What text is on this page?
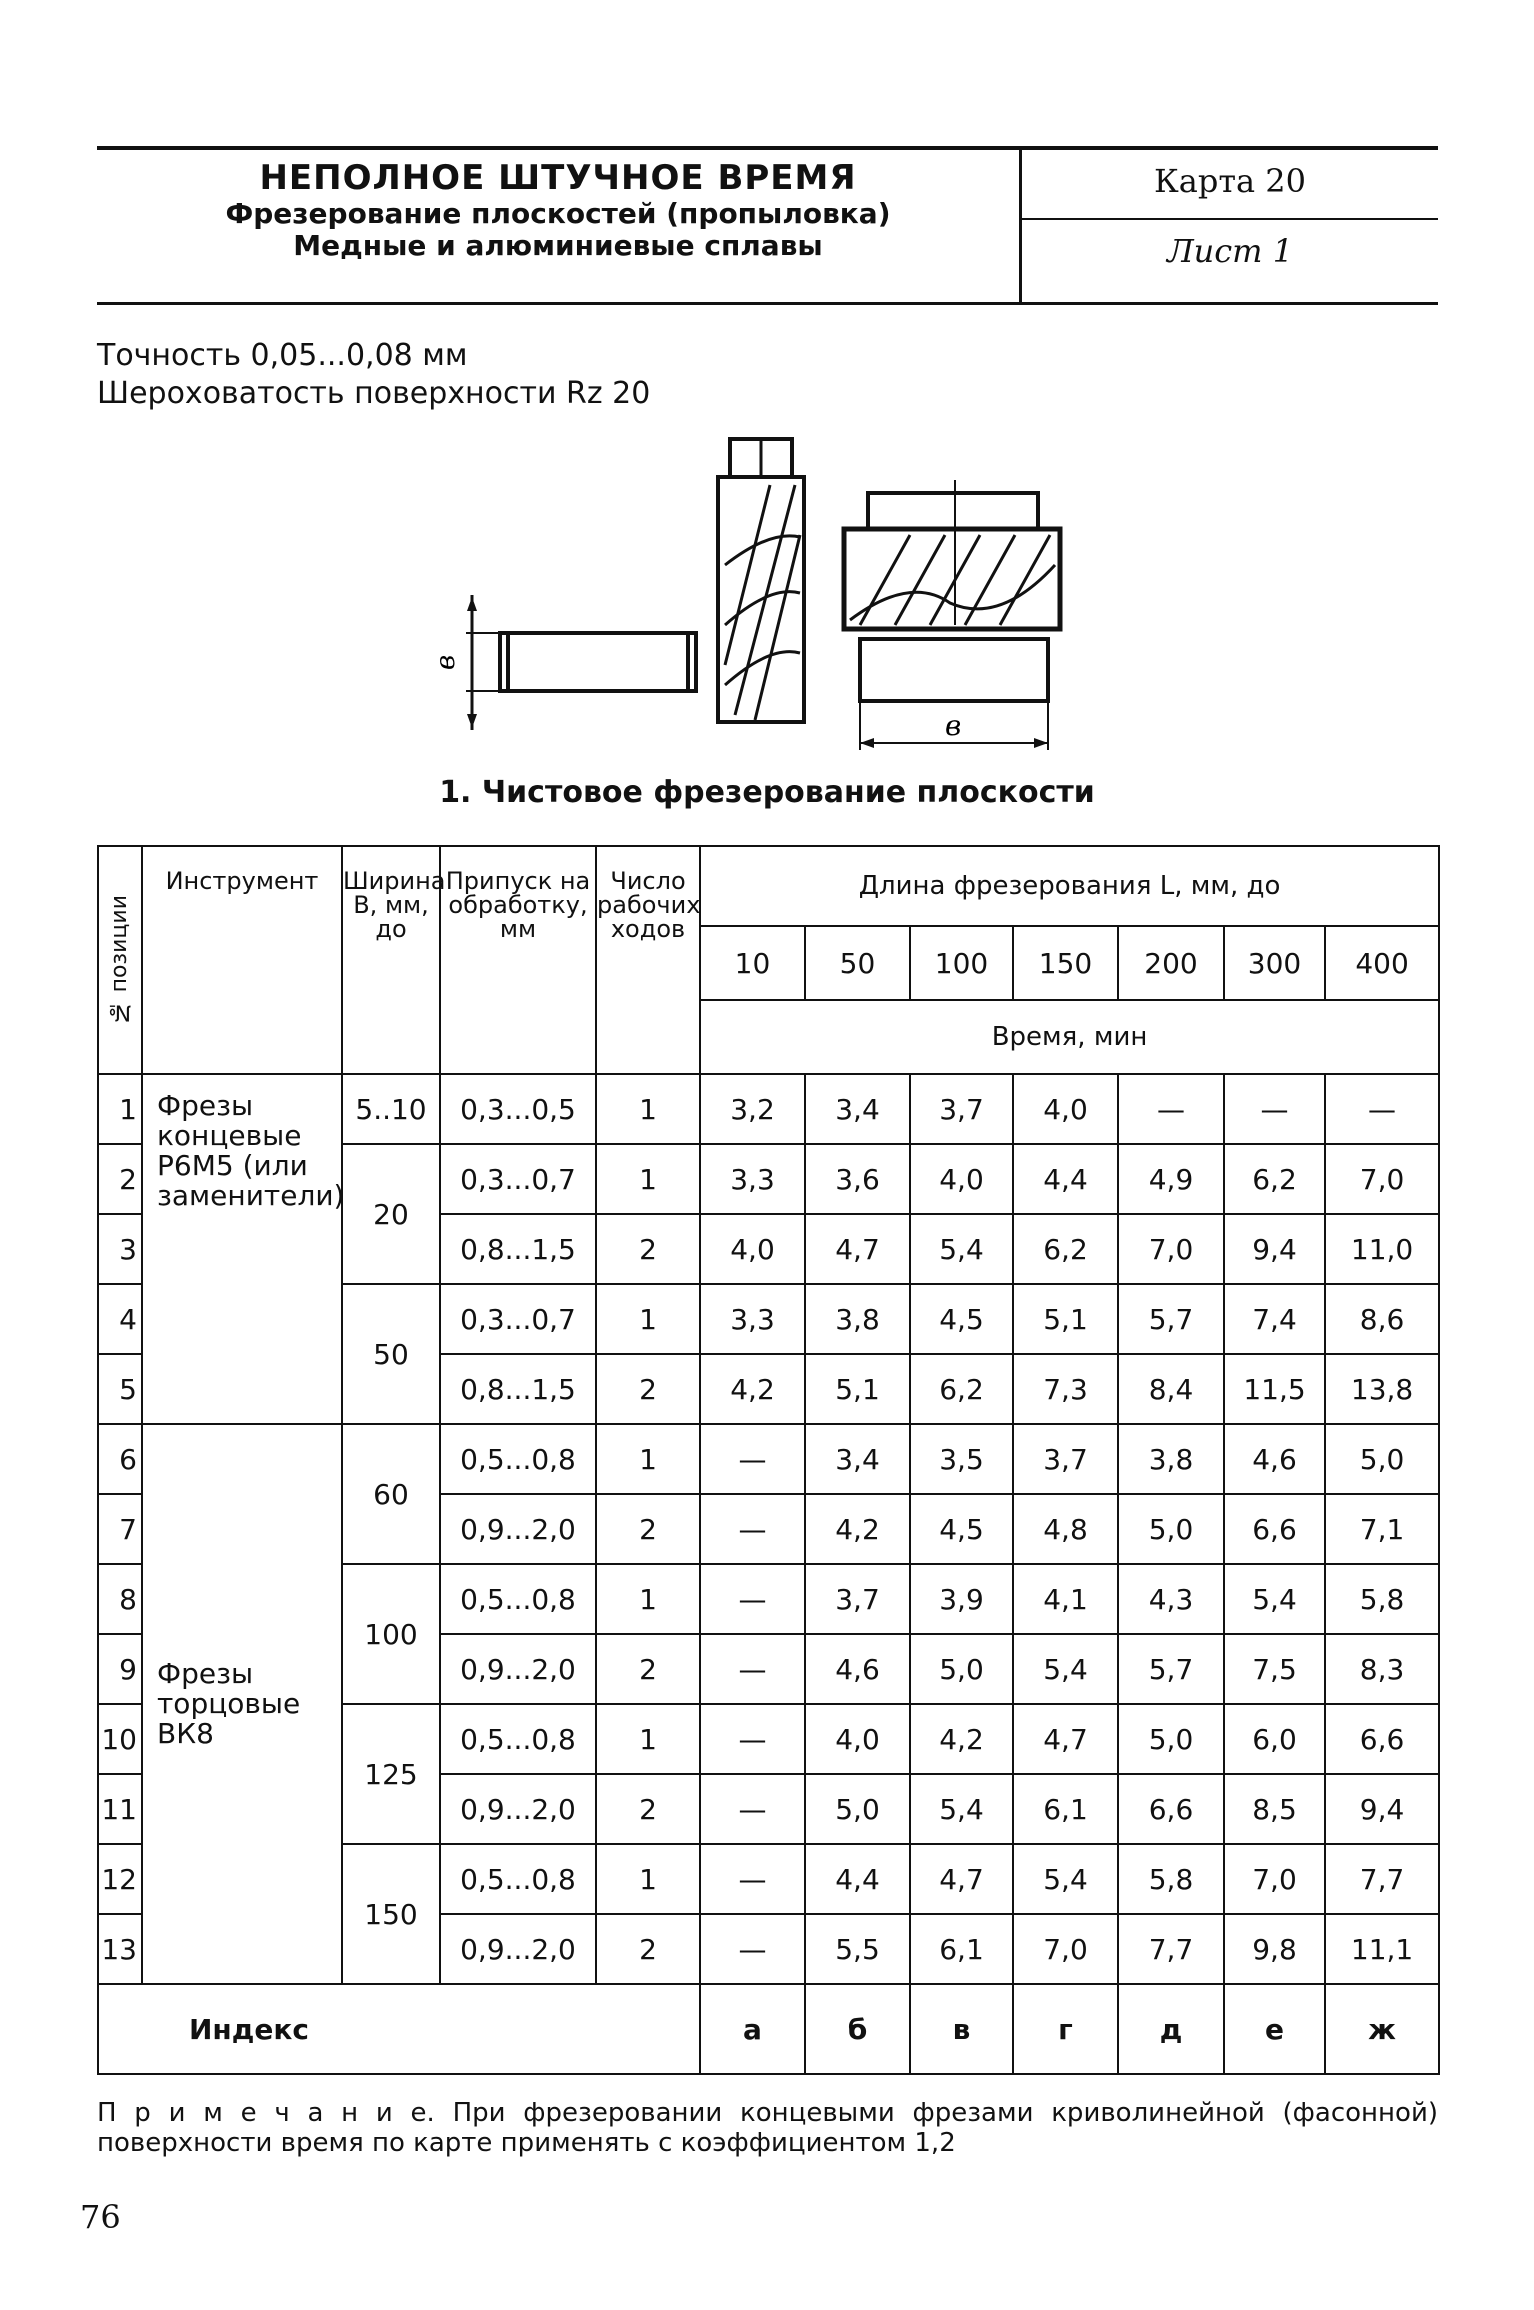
НЕПОЛНОЕ ШТУЧНОЕ ВРЕМЯ
Фрезерование плоскостей (пропыловка)
Медные и алюминиевые сплавы
Карта 20
Лист 1
Точность 0,05...0,08 мм
Шероховатость поверхности Rz 20
в
в
1. Чистовое фрезерование плоскости
№ позиции	Инструмент	Ширина В, мм, до	Припуск на обработку, мм	Число рабочих ходов	Длина фрезерования L, мм, до						
					10	50	100	150	200	300	400
					Время, мин						
1	Фрезы концевые Р6М5 (или заменители)	5..10	0,3...0,5	1	3,2	3,4	3,7	4,0	—	—	—
2		20	0,3...0,7	1	3,3	3,6	4,0	4,4	4,9	6,2	7,0
3			0,8...1,5	2	4,0	4,7	5,4	6,2	7,0	9,4	11,0
4		50	0,3...0,7	1	3,3	3,8	4,5	5,1	5,7	7,4	8,6
5			0,8...1,5	2	4,2	5,1	6,2	7,3	8,4	11,5	13,8
6	Фрезы торцовые ВК8	60	0,5...0,8	1	—	3,4	3,5	3,7	3,8	4,6	5,0
7			0,9...2,0	2	—	4,2	4,5	4,8	5,0	6,6	7,1
8		100	0,5...0,8	1	—	3,7	3,9	4,1	4,3	5,4	5,8
9			0,9...2,0	2	—	4,6	5,0	5,4	5,7	7,5	8,3
10		125	0,5...0,8	1	—	4,0	4,2	4,7	5,0	6,0	6,6
11			0,9...2,0	2	—	5,0	5,4	6,1	6,6	8,5	9,4
12		150	0,5...0,8	1	—	4,4	4,7	5,4	5,8	7,0	7,7
13			0,9...2,0	2	—	5,5	6,1	7,0	7,7	9,8	11,1
Индекс					а	б	в	г	д	е	ж
П р и м е ч а н и е. При фрезеровании концевыми фрезами криволинейной (фасонной) поверхности время по карте применять с коэффициентом 1,2
76
